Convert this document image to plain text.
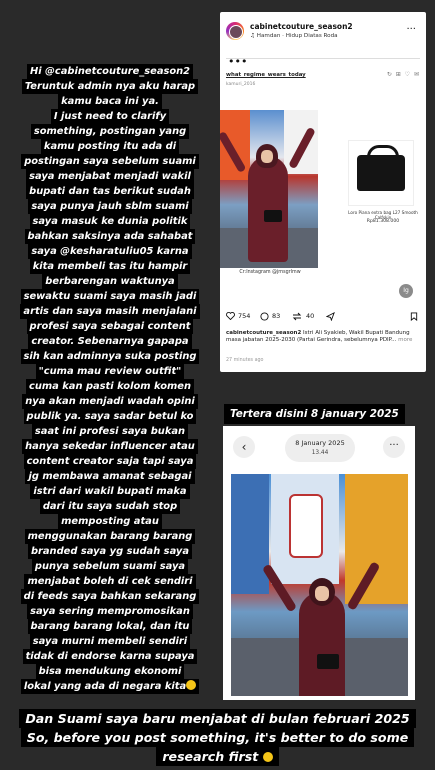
Hi @cabinetcouture_season2
Teruntuk admin nya aku harap
kamu baca ini ya.
I just need to clarify
something, postingan yang
kamu posting itu ada di
postingan saya sebelum suami
saya menjabat menjadi wakil
bupati dan tas berikut sudah
saya punya jauh sblm suami
saya masuk ke dunia politik
bahkan saksinya ada sahabat
saya @kesharatuliu05 karna
kita membeli tas itu hampir
berbarengan waktunya
sewaktu suami saya masih jadi
artis dan saya masih menjalani
profesi saya sebagai content
creator. Sebenarnya gapapa
sih kan adminnya suka posting
"cuma mau review outfit"
cuma kan pasti kolom komen
nya akan menjadi wadah opini
publik ya. saya sadar betul ko
saat ini profesi saya bukan
hanya sekedar influencer atau
content creator saja tapi saya
jg membawa amanat sebagai
istri dari wakil bupati maka
dari itu saya sudah stop
memposting atau
menggunakan barang barang
branded saya yg sudah saya
punya sebelum suami saya
menjabat boleh di cek sendiri
di feeds saya bahkan sekarang
saya sering mempromosikan
barang barang lokal, dan itu
saya murni membeli sendiri
tidak di endorse karna supaya
bisa mendukung ekonomi
lokal yang ada di negara kita
cabinetcouture_season2
♫ Hamdan · Hidup Diatas Roda
···
•••
what_regime_wears_today
kamuri_2016
↻ ⊞ ♡ ✉
Loro Piana extra bag L27 Smooth Calfskin
Rp81.308.000
Cr:Instagram @jrnsgrlmw
Ig
754	83	40
cabinetcouture_season2 Istri Ali Syakieb, Wakil Bupati Bandung masa jabatan 2025-2030 (Partai Gerindra, sebelumnya PDIP... more
27 minutes ago
Tertera disini 8 january 2025
‹	8 January 2025
13.44
···
Dan Suami saya baru menjabat di bulan februari 2025
So, before you post something, it's better to do some
research first
